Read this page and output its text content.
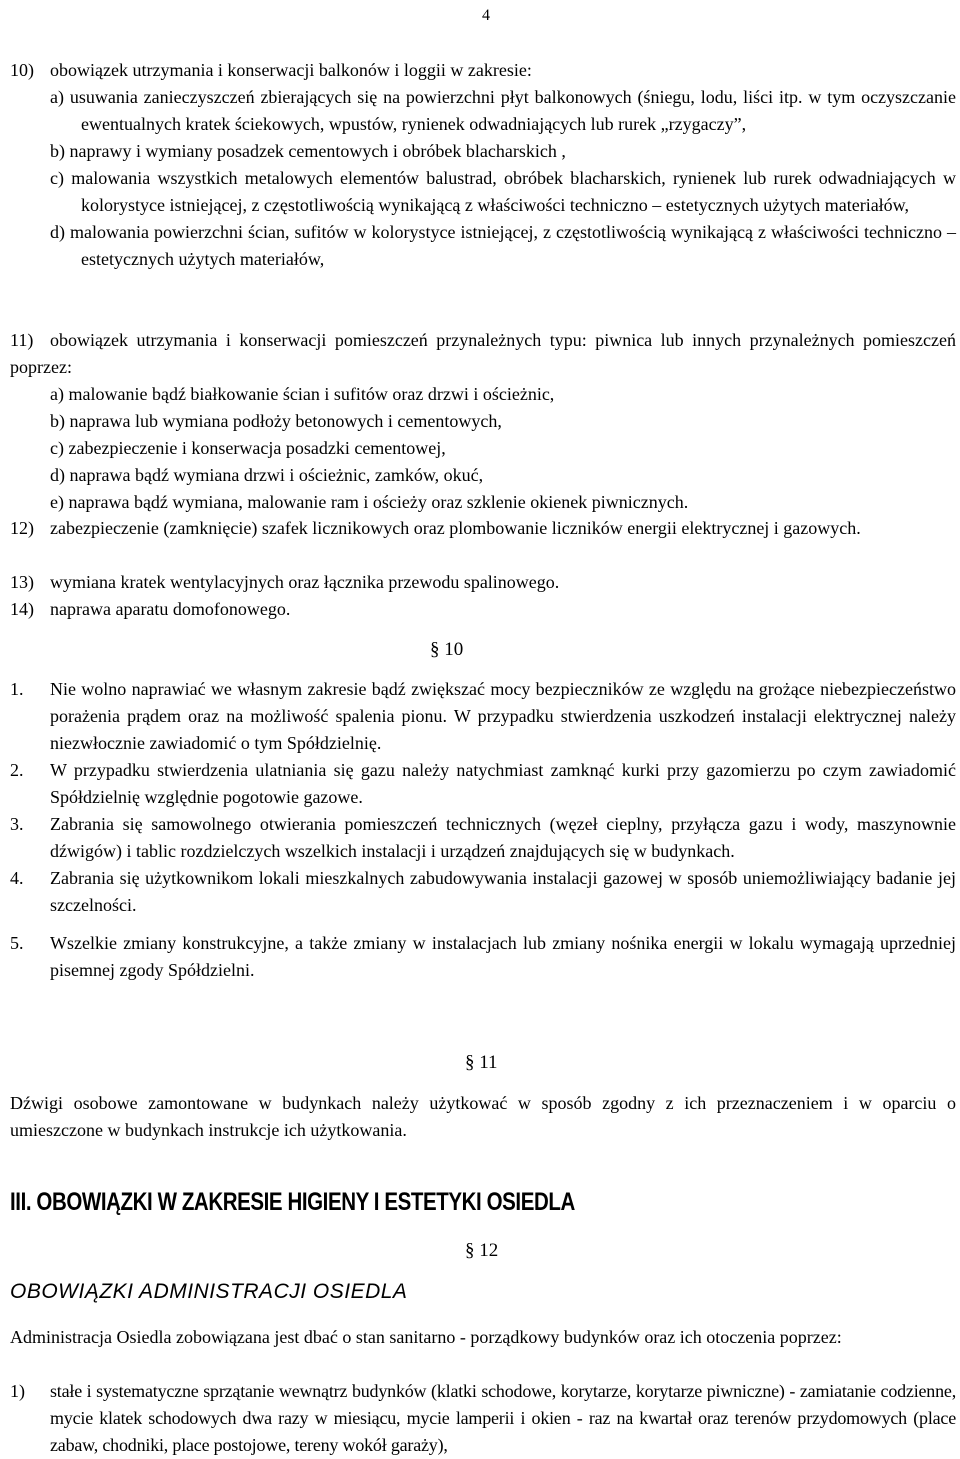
4
10) obowiązek utrzymania i konserwacji balkonów i loggii w zakresie:
a) usuwania zanieczyszczeń zbierających się na powierzchni płyt balkonowych (śniegu, lodu, liści itp. w tym oczyszczanie ewentualnych kratek ściekowych, wpustów, rynienek odwadniających lub rurek „rzygaczy”,
b) naprawy i wymiany posadzek cementowych i obróbek blacharskich ,
c) malowania wszystkich metalowych elementów balustrad, obróbek blacharskich, rynienek lub rurek odwadniających w kolorystyce istniejącej, z częstotliwością wynikającą z właściwości techniczno – estetycznych użytych materiałów,
d) malowania powierzchni ścian, sufitów w kolorystyce istniejącej, z częstotliwością wynikającą z właściwości techniczno – estetycznych użytych materiałów,
11) obowiązek utrzymania i konserwacji pomieszczeń przynależnych typu: piwnica lub innych przynależnych pomieszczeń poprzez:
a) malowanie bądź białkowanie ścian i sufitów oraz drzwi i ościeżnic,
b) naprawa lub wymiana podłoży betonowych i cementowych,
c) zabezpieczenie i konserwacja posadzki cementowej,
d) naprawa bądź wymiana drzwi i ościeżnic, zamków, okuć,
e) naprawa bądź wymiana, malowanie ram i ościeży oraz szklenie okienek piwnicznych.
12) zabezpieczenie (zamknięcie) szafek licznikowych oraz plombowanie liczników energii elektrycznej i gazowych.
13) wymiana kratek wentylacyjnych oraz łącznika przewodu spalinowego.
14) naprawa aparatu domofonowego.
§ 10
1. Nie wolno naprawiać we własnym zakresie bądź zwiększać mocy bezpieczników ze względu na grożące niebezpieczeństwo porażenia prądem oraz na możliwość spalenia pionu. W przypadku stwierdzenia uszkodzeń instalacji elektrycznej należy niezwłocznie zawiadomić o tym Spółdzielnię.
2. W przypadku stwierdzenia ulatniania się gazu należy natychmiast zamknąć kurki przy gazomierzu po czym zawiadomić Spółdzielnię względnie pogotowie gazowe.
3. Zabrania się samowolnego otwierania pomieszczeń technicznych (węzeł cieplny, przyłącza gazu i wody, maszynownie dźwigów) i tablic rozdzielczych wszelkich instalacji i urządzeń znajdujących się w budynkach.
4. Zabrania się użytkownikom lokali mieszkalnych zabudowywania instalacji gazowej w sposób uniemożliwiający badanie jej szczelności.
5. Wszelkie zmiany konstrukcyjne, a także zmiany w instalacjach lub zmiany nośnika energii w lokalu wymagają uprzedniej pisemnej zgody Spółdzielni.
§ 11
Dźwigi osobowe zamontowane w budynkach należy użytkować w sposób zgodny z ich przeznaczeniem i w oparciu o umieszczone w budynkach instrukcje ich użytkowania.
III. OBOWIĄZKI W ZAKRESIE HIGIENY I ESTETYKI OSIEDLA
§ 12
OBOWIĄZKI ADMINISTRACJI OSIEDLA
Administracja Osiedla zobowiązana jest dbać o stan sanitarno - porządkowy budynków oraz ich otoczenia poprzez:
1) stałe i systematyczne sprzątanie wewnątrz budynków (klatki schodowe, korytarze, korytarze piwniczne) - zamiatanie codzienne, mycie klatek schodowych dwa razy w miesiącu, mycie lamperii i okien - raz na kwartał oraz terenów przydomowych (place zabaw, chodniki, place postojowe, tereny wokół garaży),
